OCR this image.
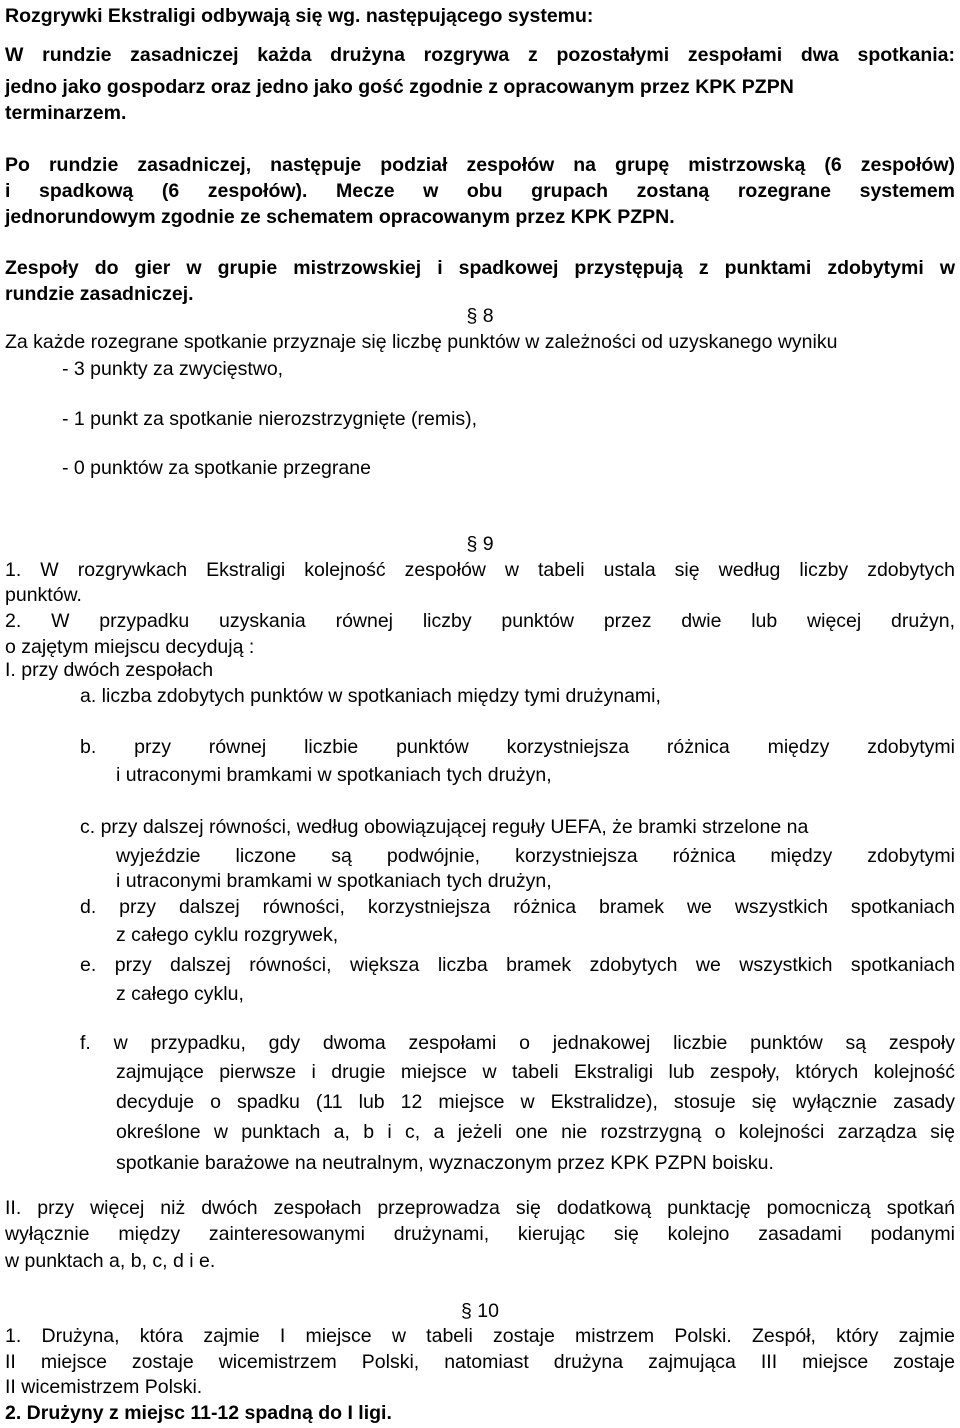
Rozgrywki Ekstraligi odbywają się wg. następującego systemu:
W rundzie zasadniczej każda drużyna rozgrywa z pozostałymi zespołami dwa spotkania:
jedno jako gospodarz oraz jedno jako gość zgodnie z opracowanym przez KPK PZPN
terminarzem.
Po rundzie zasadniczej, następuje podział zespołów na grupę mistrzowską (6 zespołów)
i spadkową (6 zespołów). Mecze w obu grupach zostaną rozegrane systemem
jednorundowym zgodnie ze schematem opracowanym przez KPK PZPN.
Zespoły do gier w grupie mistrzowskiej i spadkowej przystępują z punktami zdobytymi w
rundzie zasadniczej.
§ 8
Za każde rozegrane spotkanie przyznaje się liczbę punktów w zależności od uzyskanego wyniku
- 3 punkty za zwycięstwo,
- 1 punkt za spotkanie nierozstrzygnięte (remis),
- 0 punktów za spotkanie przegrane
§ 9
1. W rozgrywkach Ekstraligi kolejność zespołów w tabeli ustala się według liczby zdobytych
punktów.
2. W przypadku uzyskania równej liczby punktów przez dwie lub więcej drużyn,
o zajętym miejscu decydują :
I. przy dwóch zespołach
a. liczba zdobytych punktów w spotkaniach między tymi drużynami,
b. przy równej liczbie punktów korzystniejsza różnica między zdobytymi
i utraconymi bramkami w spotkaniach tych drużyn,
c. przy dalszej równości, według obowiązującej reguły UEFA, że bramki strzelone na
wyjeździe liczone są podwójnie, korzystniejsza różnica między zdobytymi
i utraconymi bramkami w spotkaniach tych drużyn,
d. przy dalszej równości, korzystniejsza różnica bramek we wszystkich spotkaniach
z całego cyklu rozgrywek,
e. przy dalszej równości, większa liczba bramek zdobytych we wszystkich spotkaniach
z całego cyklu,
f. w przypadku, gdy dwoma zespołami o jednakowej liczbie punktów są zespoły
zajmujące pierwsze i drugie miejsce w tabeli Ekstraligi lub zespoły, których kolejność
decyduje o spadku (11 lub 12 miejsce w Ekstralidze), stosuje się wyłącznie zasady
określone w punktach a, b i c, a jeżeli one nie rozstrzygną o kolejności zarządza się
spotkanie barażowe na neutralnym, wyznaczonym przez KPK PZPN boisku.
II. przy więcej niż dwóch zespołach przeprowadza się dodatkową punktację pomocniczą spotkań
wyłącznie między zainteresowanymi drużynami, kierując się kolejno zasadami podanymi
w punktach a, b, c, d i e.
§ 10
1. Drużyna, która zajmie I miejsce w tabeli zostaje mistrzem Polski. Zespół, który zajmie
II miejsce zostaje wicemistrzem Polski, natomiast drużyna zajmująca III miejsce zostaje
II wicemistrzem Polski.
2. Drużyny z miejsc 11-12 spadną do I ligi.
